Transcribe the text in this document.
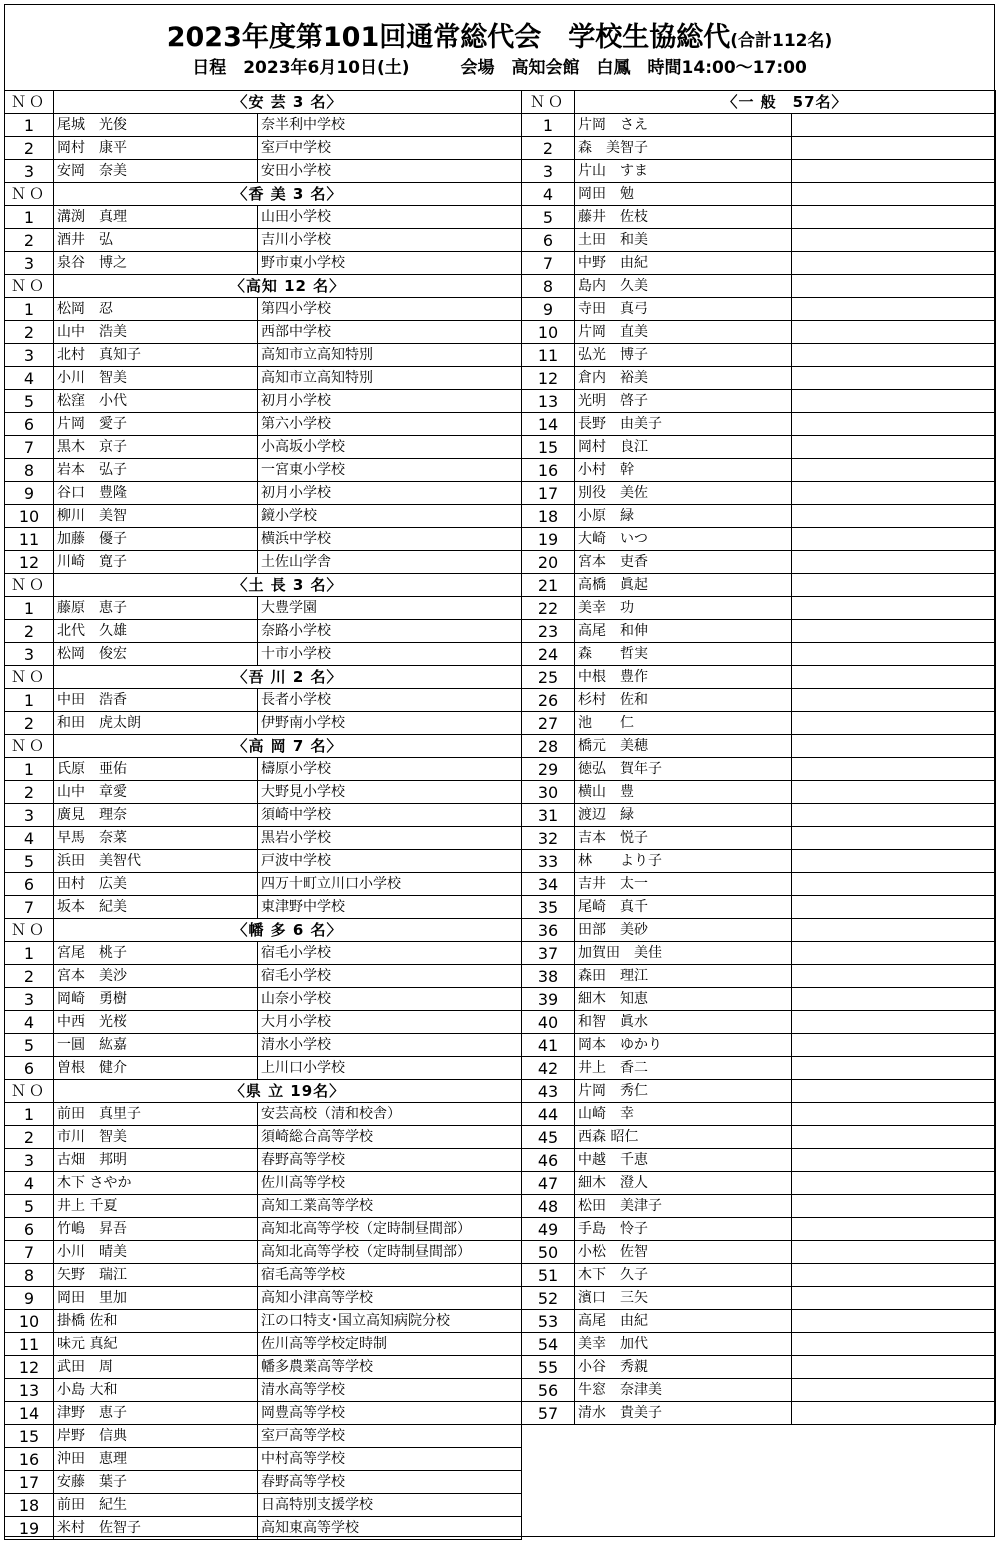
2023年度第101回通常総代会　学校生協総代(合計112名)
日程　2023年6月10日(土)　　　	会場　高知会館　白鳳　時間14:00～17:00
ＮＯ	〈安 芸 3 名〉	
1	尾城　光俊	奈半利中学校
2	岡村　康平	室戸中学校
3	安岡　奈美	安田小学校
ＮＯ	〈香 美 3 名〉	
1	溝渕　真理	山田小学校
2	酒井　弘	吉川小学校
3	泉谷　博之	野市東小学校
ＮＯ	〈高知 12 名〉	
1	松岡　忍	第四小学校
2	山中　浩美	西部中学校
3	北村　真知子	高知市立高知特別
4	小川　智美	高知市立高知特別
5	松窪　小代	初月小学校
6	片岡　愛子	第六小学校
7	黒木　京子	小高坂小学校
8	岩本　弘子	一宮東小学校
9	谷口　豊隆	初月小学校
10	柳川　美智	鏡小学校
11	加藤　優子	横浜中学校
12	川崎　寛子	土佐山学舎
ＮＯ	〈土 長 3 名〉	
1	藤原　恵子	大豊学園
2	北代　久雄	奈路小学校
3	松岡　俊宏	十市小学校
ＮＯ	〈吾 川 2 名〉	
1	中田　浩香	長者小学校
2	和田　虎太朗	伊野南小学校
ＮＯ	〈高 岡 7 名〉	
1	氏原　亜佑	檮原小学校
2	山中　章愛	大野見小学校
3	廣見　理奈	須崎中学校
4	早馬　奈菜	黒岩小学校
5	浜田　美智代	戸波中学校
6	田村　広美	四万十町立川口小学校
7	坂本　紀美	東津野中学校
ＮＯ	〈幡 多 6 名〉	
1	宮尾　桃子	宿毛小学校
2	宮本　美沙	宿毛小学校
3	岡崎　勇樹	山奈小学校
4	中西　光桜	大月小学校
5	一圓　紘嘉	清水小学校
6	曽根　健介	上川口小学校
ＮＯ	〈県 立 19名〉	
1	前田　真里子	安芸高校（清和校舎）
2	市川　智美	須崎総合高等学校
3	古畑　邦明	春野高等学校
4	木下 さやか	佐川高等学校
5	井上 千夏	高知工業高等学校
6	竹嶋　昇吾	高知北高等学校（定時制昼間部）
7	小川　晴美	高知北高等学校（定時制昼間部）
8	矢野　瑞江	宿毛高等学校
9	岡田　里加	高知小津高等学校
10	掛橋 佐和	江の口特支･国立高知病院分校
11	味元 真紀	佐川高等学校定時制
12	武田　周	幡多農業高等学校
13	小島 大和	清水高等学校
14	津野　恵子	岡豊高等学校
15	岸野　信典	室戸高等学校
16	沖田　恵理	中村高等学校
17	安藤　葉子	春野高等学校
18	前田　紀生	日高特別支援学校
19	米村　佐智子	高知東高等学校
ＮＯ	〈一 般　57名〉	
1	片岡　さえ	
2	森　美智子	
3	片山　すま	
4	岡田　勉	
5	藤井　佐枝	
6	土田　和美	
7	中野　由紀	
8	島内　久美	
9	寺田　真弓	
10	片岡　直美	
11	弘光　博子	
12	倉内　裕美	
13	光明　啓子	
14	長野　由美子	
15	岡村　良江	
16	小村　幹	
17	別役　美佐	
18	小原　緑	
19	大崎　いつ	
20	宮本　吏香	
21	高橋　眞起	
22	美幸　功	
23	高尾　和伸	
24	森　　哲実	
25	中根　豊作	
26	杉村　佐和	
27	池　　仁	
28	橋元　美穂	
29	徳弘　賀年子	
30	横山　豊	
31	渡辺　緑	
32	吉本　悦子	
33	林　　より子	
34	吉井　太一	
35	尾崎　真千	
36	田部　美砂	
37	加賀田　美佳	
38	森田　理江	
39	細木　知恵	
40	和智　眞水	
41	岡本　ゆかり	
42	井上　香二	
43	片岡　秀仁	
44	山崎　幸	
45	西森 昭仁	
46	中越　千恵	
47	細木　澄人	
48	松田　美津子	
49	手島　怜子	
50	小松　佐智	
51	木下　久子	
52	濱口　三矢	
53	高尾　由紀	
54	美幸　加代	
55	小谷　秀親	
56	牛窓　奈津美	
57	清水　貴美子	
